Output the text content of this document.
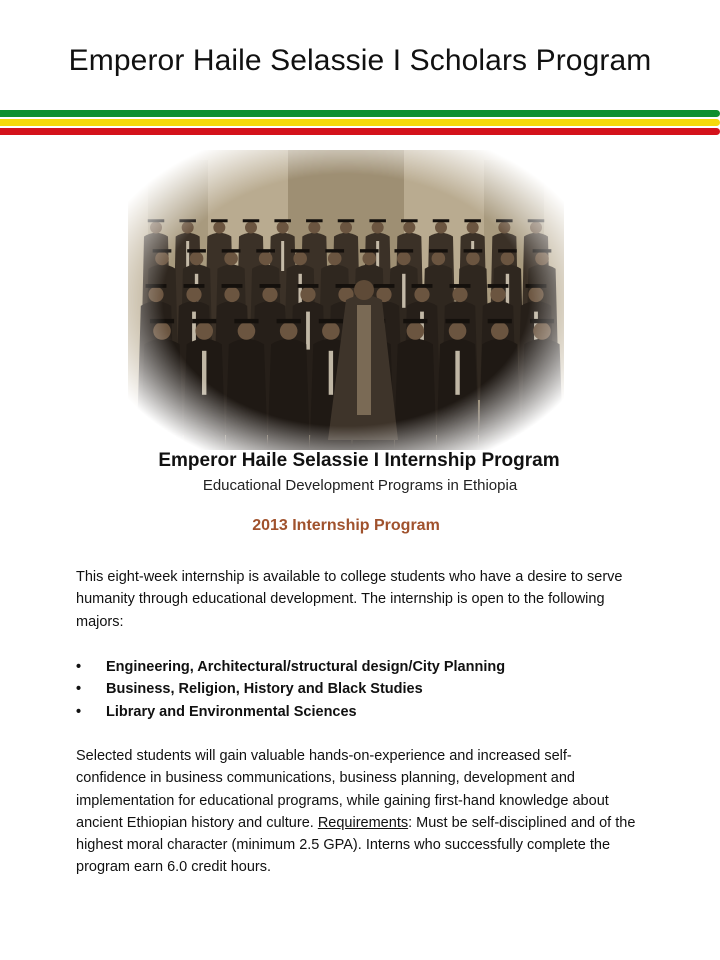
Emperor Haile Selassie I Scholars Program
Emperor Haile Selassie I Internship Program
Educational Development Programs in Ethiopia
2013 Internship Program

This eight-week internship is available to college students who have a desire to serve humanity through educational development. The internship is open to the following majors:

• Engineering, Architectural/structural design/City Planning
• Business, Religion, History and Black Studies
• Library and Environmental Sciences

Selected students will gain valuable hands-on-experience and increased self-confidence in business communications, business planning, development and implementation for educational programs, while gaining first-hand knowledge about ancient Ethiopian history and culture. Requirements: Must be self-disciplined and of the highest moral character (minimum 2.5 GPA). Interns who successfully complete the program earn 6.0 credit hours.
